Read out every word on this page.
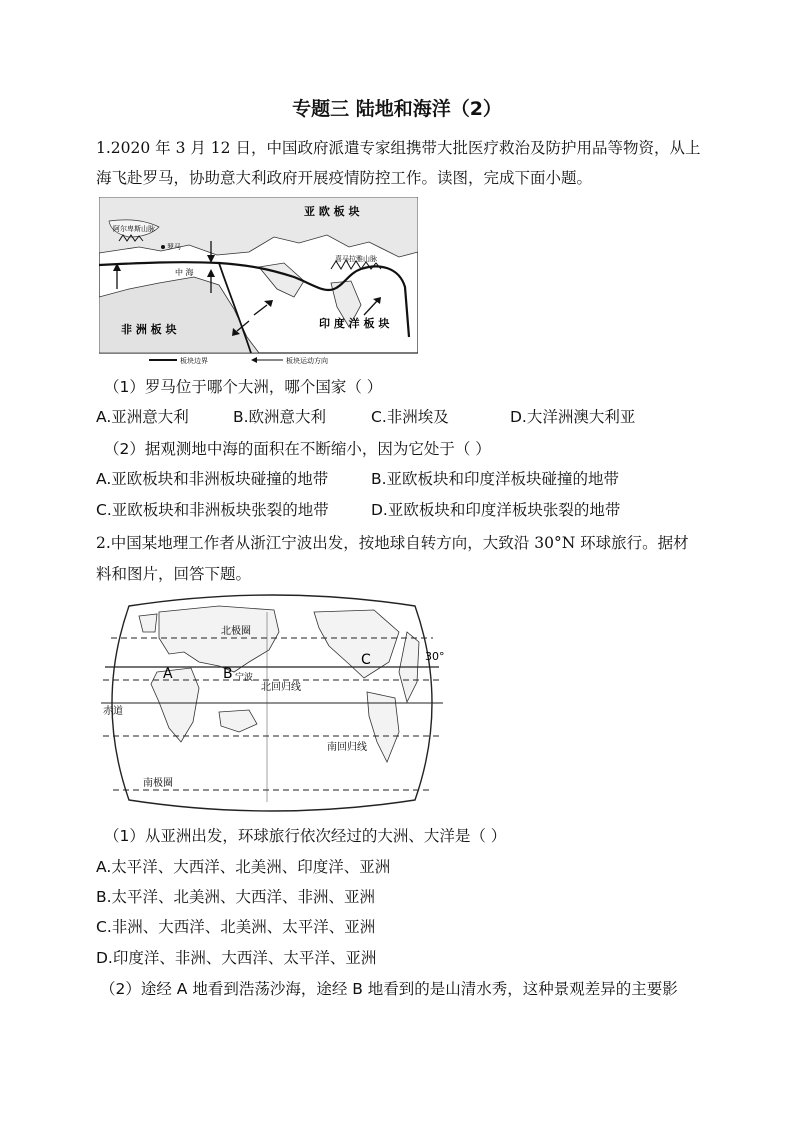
专题三 陆地和海洋（2）
1.2020 年 3 月 12 日，中国政府派遣专家组携带大批医疗救治及防护用品等物资，从上
海飞赴罗马，协助意大利政府开展疫情防控工作。读图，完成下面小题。
亚 欧 板 块
非 洲 板 块	印 度 洋 板 块
阿尔卑斯山脉
罗马
中 海
喜马拉雅山脉
板块边界	板块运动方向
（1）罗马位于哪个大洲，哪个国家（ ）
A.亚洲意大利	B.欧洲意大利	C.非洲埃及	D.大洋洲澳大利亚
（2）据观测地中海的面积在不断缩小，因为它处于（ ）
A.亚欧板块和非洲板块碰撞的地带	B.亚欧板块和印度洋板块碰撞的地带
C.亚欧板块和非洲板块张裂的地带	D.亚欧板块和印度洋板块张裂的地带
2.中国某地理工作者从浙江宁波出发，按地球自转方向，大致沿 30°N 环球旅行。据材
料和图片，回答下题。
北极圈
30°
北回归线
赤道
南回归线
南极圈
A	B 宁波
C
（1）从亚洲出发，环球旅行依次经过的大洲、大洋是（ ）
A.太平洋、大西洋、北美洲、印度洋、亚洲
B.太平洋、北美洲、大西洋、非洲、亚洲
C.非洲、大西洋、北美洲、太平洋、亚洲
D.印度洋、非洲、大西洋、太平洋、亚洲
（2）途经 A 地看到浩荡沙海，途经 B 地看到的是山清水秀，这种景观差异的主要影
